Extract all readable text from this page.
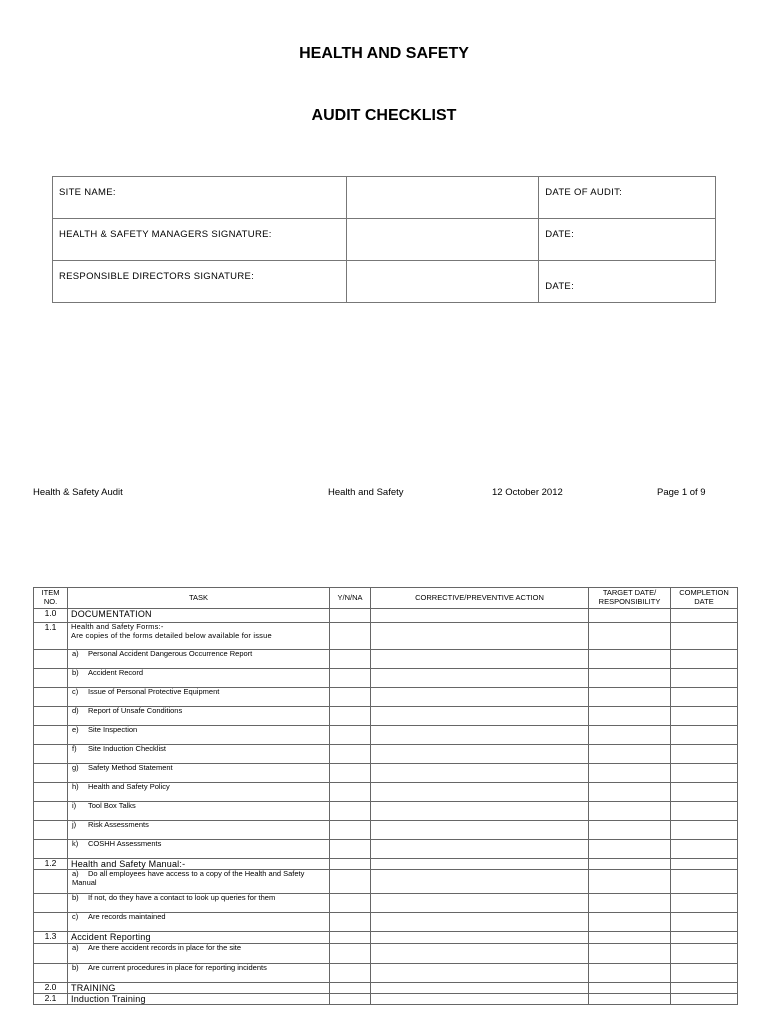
HEALTH AND SAFETY
AUDIT CHECKLIST
SITE NAME:		DATE OF AUDIT:
HEALTH & SAFETY MANAGERS SIGNATURE:		DATE:
RESPONSIBLE DIRECTORS SIGNATURE:		DATE:
Health & Safety Audit	Health and Safety	12 October 2012	Page 1 of 9
ITEM NO.	TASK	Y/N/NA	CORRECTIVE/PREVENTIVE ACTION	TARGET DATE/ RESPONSIBILITY	COMPLETION DATE
1.0	DOCUMENTATION				

1.1	Health and Safety Forms:-
Are copies of the forms detailed below available for issue				

	a) Personal Accident Dangerous Occurrence Report				
	b) Accident Record				
	c) Issue of Personal Protective Equipment				
	d) Report of Unsafe Conditions				
	e) Site Inspection				
	f) Site Induction Checklist				
	g) Safety Method Statement				
	h) Health and Safety Policy				
	i) Tool Box Talks				
	j) Risk Assessments				
	k) COSHH Assessments				
1.2	Health and Safety Manual:-				

	a) Do all employees have access to a copy of the Health and Safety Manual				
	b) If not, do they have a contact to look up queries for them				
	c) Are records maintained				
1.3	Accident Reporting				

	a) Are there accident records in place for the site				
	b) Are current procedures in place for reporting incidents				
2.0	TRAINING				

2.1	Induction Training				
